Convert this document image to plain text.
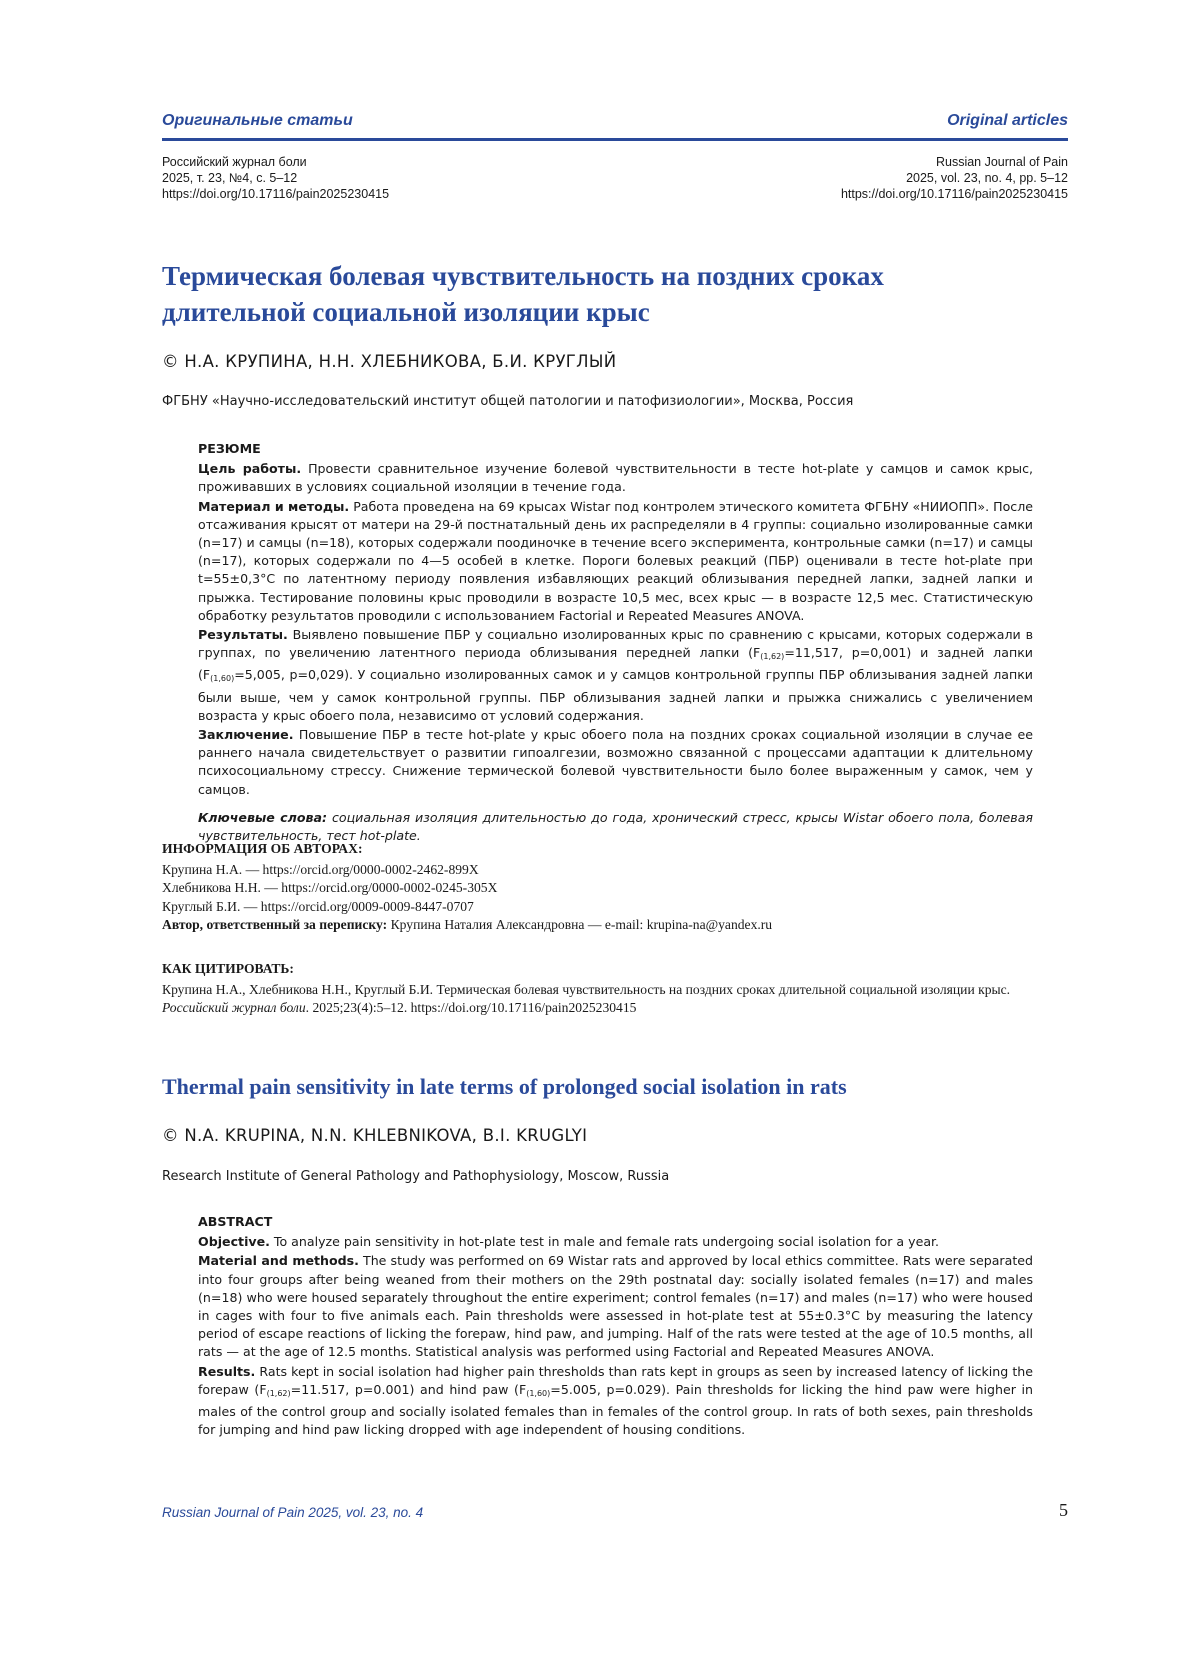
Оригинальные статьи	Original articles
Российский журнал боли
2025, т. 23, №4, с. 5–12
https://doi.org/10.17116/pain2025230415
Russian Journal of Pain
2025, vol. 23, no. 4, pp. 5–12
https://doi.org/10.17116/pain2025230415
Термическая болевая чувствительность на поздних сроках
длительной социальной изоляции крыс
© Н.А. КРУПИНА, Н.Н. ХЛЕБНИКОВА, Б.И. КРУГЛЫЙ
ФГБНУ «Научно-исследовательский институт общей патологии и патофизиологии», Москва, Россия

РЕЗЮМЕ

Цель работы. Провести сравнительное изучение болевой чувствительности в тесте hot-plate у самцов и самок крыс, проживавших в условиях социальной изоляции в течение года.

Материал и методы. Работа проведена на 69 крысах Wistar под контролем этического комитета ФГБНУ «НИИОПП». После отсаживания крысят от матери на 29-й постнатальный день их распределяли в 4 группы: социально изолированные самки (n=17) и самцы (n=18), которых содержали поодиночке в течение всего эксперимента, контрольные самки (n=17) и самцы (n=17), которых содержали по 4—5 особей в клетке. Пороги болевых реакций (ПБР) оценивали в тесте hot-plate при t=55±0,3°С по латентному периоду появления избавляющих реакций облизывания передней лапки, задней лапки и прыжка. Тестирование половины крыс проводили в возрасте 10,5 мес, всех крыс — в возрасте 12,5 мес. Статистическую обработку результатов проводили с использованием Factorial и Repeated Measures ANOVA.

Результаты. Выявлено повышение ПБР у социально изолированных крыс по сравнению с крысами, которых содержали в группах, по увеличению латентного периода облизывания передней лапки ($F_{(1,62)}=11,517$, p=0,001) и задней лапки ($F_{(1,60)}=5,005$, p=0,029). У социально изолированных самок и у самцов контрольной группы ПБР облизывания задней лапки были выше, чем у самок контрольной группы. ПБР облизывания задней лапки и прыжка снижались с увеличением возраста у крыс обоего пола, независимо от условий содержания.

Заключение. Повышение ПБР в тесте hot-plate у крыс обоего пола на поздних сроках социальной изоляции в случае ее раннего начала свидетельствует о развитии гипоалгезии, возможно связанной с процессами адаптации к длительному психосоциальному стрессу. Снижение термической болевой чувствительности было более выраженным у самок, чем у самцов.

Ключевые слова: социальная изоляция длительностью до года, хронический стресс, крысы Wistar обоего пола, болевая чувствительность, тест hot-plate.

ИНФОРМАЦИЯ ОБ АВТОРАХ:
Крупина Н.А. — https://orcid.org/0000-0002-2462-899X
Хлебникова Н.Н. — https://orcid.org/0000-0002-0245-305X
Круглый Б.И. — https://orcid.org/0009-0009-8447-0707
Автор, ответственный за переписку: Крупина Наталия Александровна — e-mail: krupina-na@yandex.ru
КАК ЦИТИРОВАТЬ:
Крупина Н.А., Хлебникова Н.Н., Круглый Б.И. Термическая болевая чувствительность на поздних сроках длительной социальной изоляции крыс. Российский журнал боли. 2025;23(4):5–12. https://doi.org/10.17116/pain2025230415
Thermal pain sensitivity in late terms of prolonged social isolation in rats
© N.A. KRUPINA, N.N. KHLEBNIKOVA, B.I. KRUGLYI
Research Institute of General Pathology and Pathophysiology, Moscow, Russia

ABSTRACT

Objective. To analyze pain sensitivity in hot-plate test in male and female rats undergoing social isolation for a year.

Material and methods. The study was performed on 69 Wistar rats and approved by local ethics committee. Rats were separated into four groups after being weaned from their mothers on the 29th postnatal day: socially isolated females (n=17) and males (n=18) who were housed separately throughout the entire experiment; control females (n=17) and males (n=17) who were housed in cages with four to five animals each. Pain thresholds were assessed in hot-plate test at 55±0.3°C by measuring the latency period of escape reactions of licking the forepaw, hind paw, and jumping. Half of the rats were tested at the age of 10.5 months, all rats — at the age of 12.5 months. Statistical analysis was performed using Factorial and Repeated Measures ANOVA.

Results. Rats kept in social isolation had higher pain thresholds than rats kept in groups as seen by increased latency of licking the forepaw ($F_{(1,62)}=11.517$, p=0.001) and hind paw ($F_{(1,60)}=5.005$, p=0.029). Pain thresholds for licking the hind paw were higher in males of the control group and socially isolated females than in females of the control group. In rats of both sexes, pain thresholds for jumping and hind paw licking dropped with age independent of housing conditions.

Russian Journal of Pain 2025, vol. 23, no. 4	5
